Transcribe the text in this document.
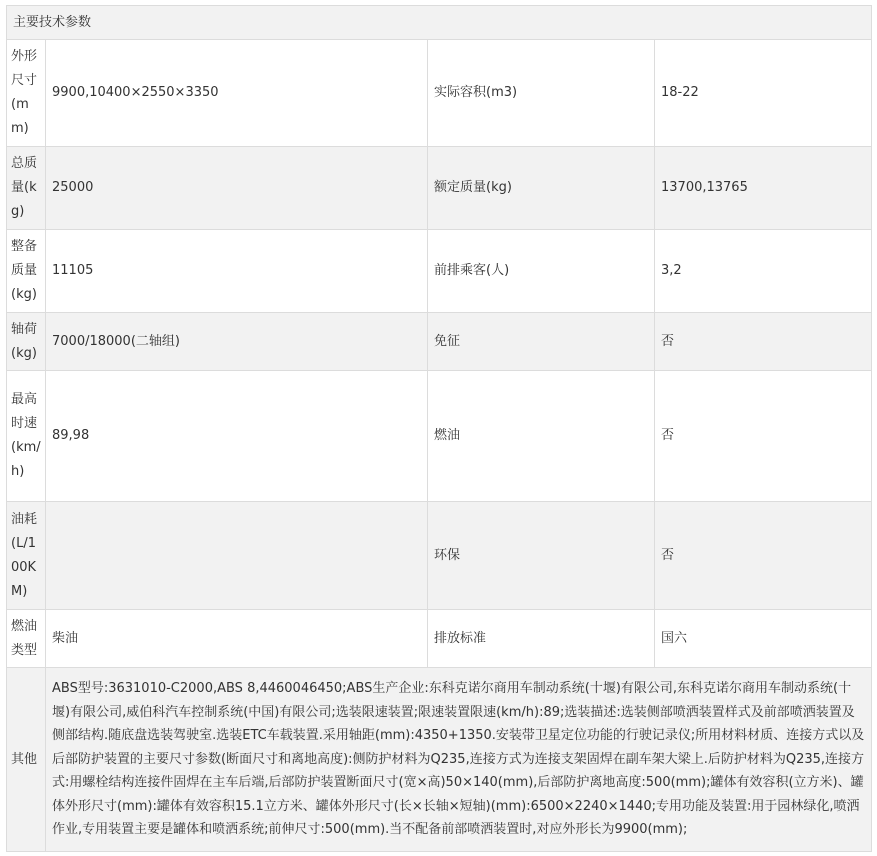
主要技术参数			
外形尺寸(mm)	9900,10400×2550×3350	实际容积(m3)	18-22
总质量(kg)	25000	额定质量(kg)	13700,13765
整备质量(kg)	11105	前排乘客(人)	3,2
轴荷(kg)	7000/18000(二轴组)	免征	否
最高时速(km/h)	89,98	燃油	否
油耗(L/100KM)		环保	否
燃油类型	柴油	排放标准	国六
其他	ABS型号:3631010-C2000,ABS 8,4460046450;ABS生产企业:东科克诺尔商用车制动系统(十堰)有限公司,东科克诺尔商用车制动系统(十堰)有限公司,威伯科汽车控制系统(中国)有限公司;选装限速装置;限速装置限速(km/h):89;选装描述:选装侧部喷洒装置样式及前部喷洒装置及侧部结构.随底盘选装驾驶室.选装ETC车载装置.采用轴距(mm):4350+1350.安装带卫星定位功能的行驶记录仪;所用材料材质、连接方式以及后部防护装置的主要尺寸参数(断面尺寸和离地高度):侧防护材料为Q235,连接方式为连接支架固焊在副车架大梁上.后防护材料为Q235,连接方式:用螺栓结构连接件固焊在主车后端,后部防护装置断面尺寸(宽×高)50×140(mm),后部防护离地高度:500(mm);罐体有效容积(立方米)、罐体外形尺寸(mm):罐体有效容积15.1立方米、罐体外形尺寸(长×长轴×短轴)(mm):6500×2240×1440;专用功能及装置:用于园林绿化,喷洒作业,专用装置主要是罐体和喷洒系统;前伸尺寸:500(mm).当不配备前部喷洒装置时,对应外形长为9900(mm);		
